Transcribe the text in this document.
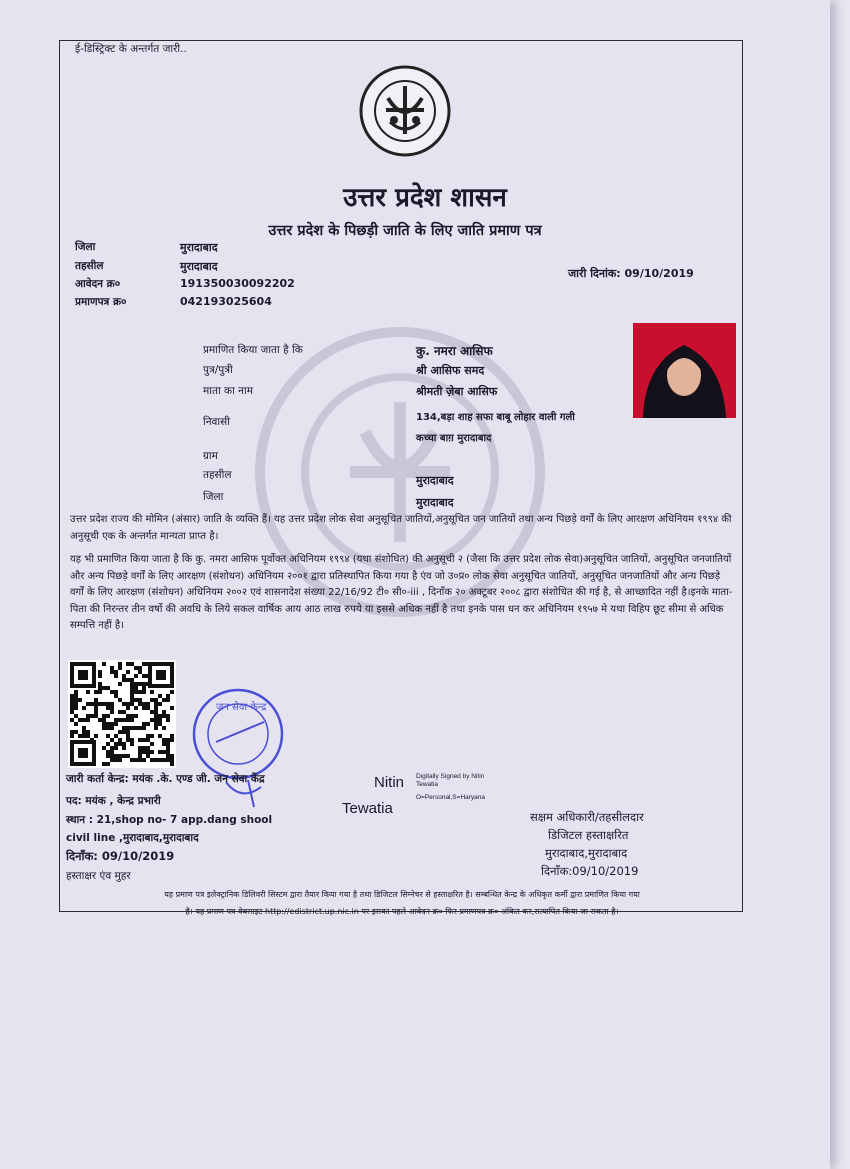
ई-डिस्ट्रिक्ट के अन्तर्गत जारी..
उत्तर प्रदेश शासन
उत्तर प्रदेश के पिछड़ी जाति के लिए जाति प्रमाण पत्र
जिला	मुरादाबाद
तहसील	मुरादाबाद
आवेदन क्र०	191350030092202
प्रमाणपत्र क्र०	042193025604
जारी दिनांक: 09/10/2019
प्रमाणित किया जाता है कि	कु. नमरा आसिफ
पुत्र/पुत्री	श्री आसिफ समद
माता का नाम	श्रीमती ज़ेबा आसिफ
निवासी	134,बड़ा शाह सफा बाबू लोहार वाली गली
कच्चा बाग़ मुरादाबाद
ग्राम
तहसील	मुरादाबाद
जिला	मुरादाबाद
उत्तर प्रदेश राज्य की मोमिन (अंसार) जाति के व्यक्ति हैं। यह उत्तर प्रदेश लोक सेवा अनुसूचित जातियों,अनुसूचित जन जातियों तथा अन्य पिछड़े वर्गों के लिए आरक्षण अधिनियम १९९४ की अनुसूची एक के अन्तर्गत मान्यता प्राप्त है।
यह भी प्रमाणित किया जाता है कि कु. नमरा आसिफ पूर्वोक्त अधिनियम १९९४ (यथा संशोधित) की अनुसूची २ (जैसा कि उत्तर प्रदेश लोक सेवा)अनुसूचित जातियों, अनुसूचित जनजातियों और अन्य पिछड़े वर्गों के लिए आरक्षण (संशोधन) अधिनियम २००१ द्वारा प्रतिस्थापित किया गया है एंव जो उ०प्र० लोक सेवा अनुसूचित जातियों, अनुसूचित जनजातियों और अन्य पिछड़े वर्गों के लिए आरक्षण (संशोधन) अधिनियम २००२ एवं शासनादेश संख्या 22/16/92 टी० सी०-iii , दिनाँक २० अक्टूबर २००८ द्वारा संशोधित की गई है, से आच्छादित नहीं है।इनके माता-पिता की निरन्तर तीन वर्षो की अवधि के लिये सकल वार्षिक आय आठ लाख रुपये या इससे अधिक नहीं है तथा इनके पास धन कर अधिनियम १९५७ मे यथा विहिप छूट सीमा से अधिक सम्पत्ति नहीं है।
जन सेवा केन्द्र
जारी कर्ता केन्द्र: मयंक .के. एण्ड जी. जन सेवा केंद्र
पद: मयंक , केन्द्र प्रभारी
स्थान : 21,shop no- 7 app.dang shool
civil line ,मुरादाबाद,मुरादाबाद
दिनाँक: 09/10/2019
हस्ताक्षर एंव मुहर
Nitin
Tewatia
Digitally Signed by Nitin
Tewatia
O=Personal,S=Haryana
सक्षम अधिकारी/तहसीलदार
डिजिटल हस्ताक्षरित
मुरादाबाद,मुरादाबाद
दिनाँक:09/10/2019
यह प्रमाण पत्र इलेक्ट्रानिक डिलिवरी सिस्टम द्वारा तैयार किया गया है तथा डिजिटल सिग्नेचर से हस्ताक्षरित है। सम्बन्धित केन्द्र के अधिकृत कर्मी द्वारा प्रमाणित किया गया
है। यह प्रमाण पत्र वेबसाइट http://edistrict.up.nic.in पर इसका पहले आवेदन क्र० फिर प्रमाणपत्र क्र० अंकित कर,सत्यापित किया जा सकता है।
